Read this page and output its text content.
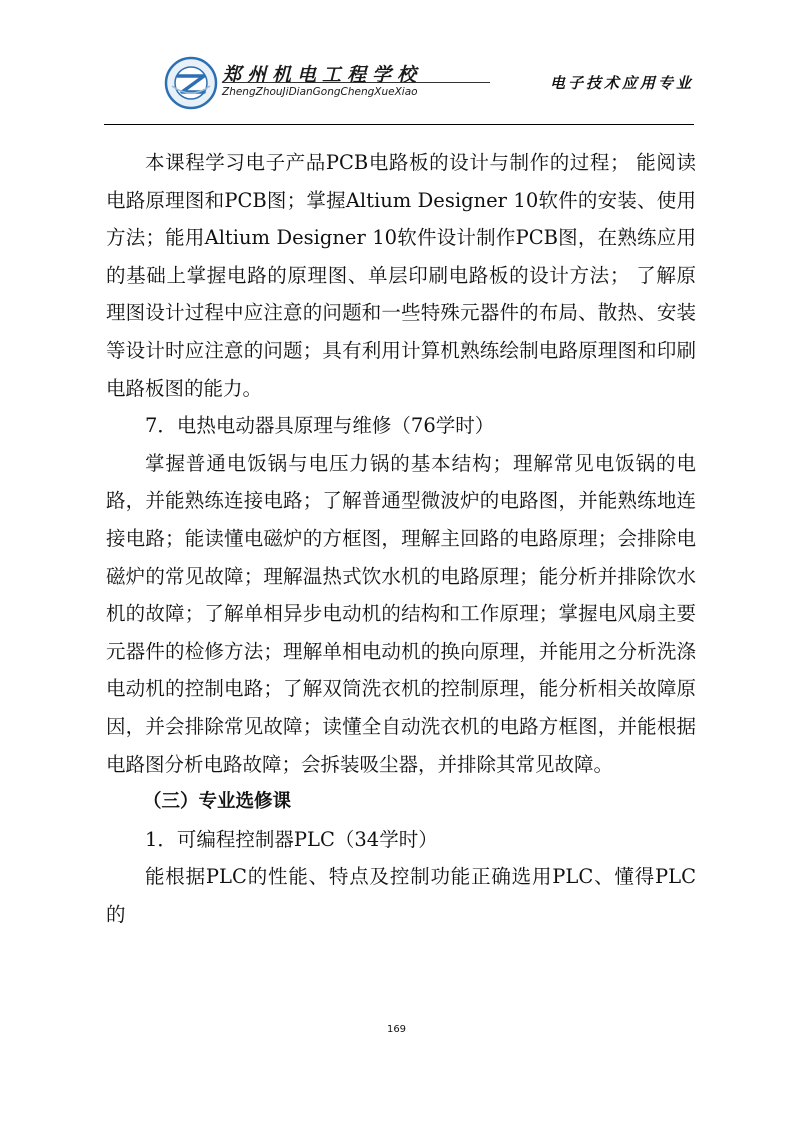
郑州机电工程学校
ZhengZhouJiDianGongChengXueXiao	电子技术应用专业

本课程学习电子产品PCB电路板的设计与制作的过程； 能阅读电路原理图和PCB图；掌握Altium Designer 10软件的安装、使用方法；能用Altium Designer 10软件设计制作PCB图，在熟练应用的基础上掌握电路的原理图、单层印刷电路板的设计方法； 了解原理图设计过程中应注意的问题和一些特殊元器件的布局、散热、安装等设计时应注意的问题；具有利用计算机熟练绘制电路原理图和印刷电路板图的能力。

7．电热电动器具原理与维修（76学时）

掌握普通电饭锅与电压力锅的基本结构；理解常见电饭锅的电路，并能熟练连接电路；了解普通型微波炉的电路图，并能熟练地连接电路；能读懂电磁炉的方框图，理解主回路的电路原理；会排除电磁炉的常见故障；理解温热式饮水机的电路原理；能分析并排除饮水机的故障；了解单相异步电动机的结构和工作原理；掌握电风扇主要元器件的检修方法；理解单相电动机的换向原理，并能用之分析洗涤电动机的控制电路；了解双筒洗衣机的控制原理，能分析相关故障原因，并会排除常见故障；读懂全自动洗衣机的电路方框图，并能根据电路图分析电路故障；会拆装吸尘器，并排除其常见故障。

（三）专业选修课

1．可编程控制器PLC（34学时）

能根据PLC的性能、特点及控制功能正确选用PLC、懂得PLC的

169
